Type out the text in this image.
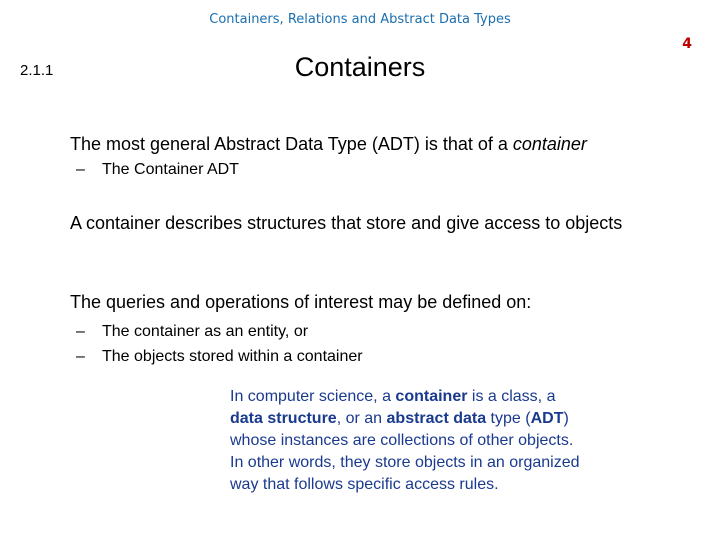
Containers, Relations and Abstract Data Types
4
2.1.1	Containers
The most general Abstract Data Type (ADT) is that of a container
– The Container ADT
A container describes structures that store and give access to objects
The queries and operations of interest may be defined on:
– The container as an entity, or
– The objects stored within a container
In computer science, a container is a class, a data structure, or an abstract data type (ADT) whose instances are collections of other objects. In other words, they store objects in an organized way that follows specific access rules.
